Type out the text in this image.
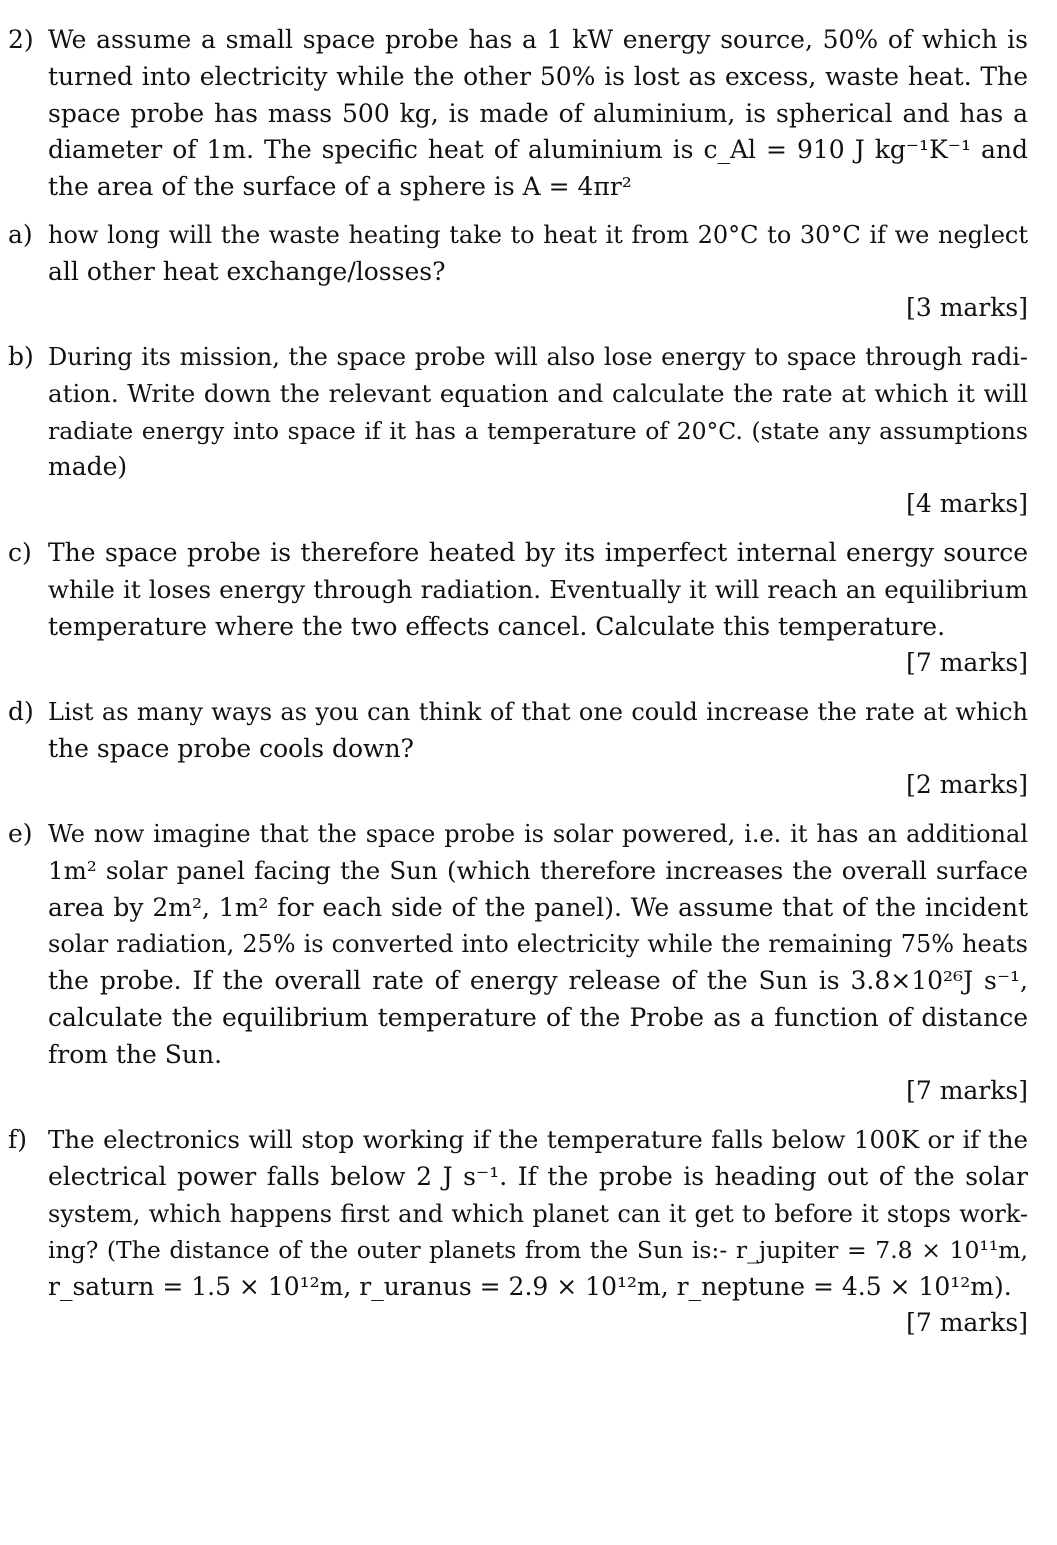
2) We assume a small space probe has a 1 kW energy source, 50% of which is
turned into electricity while the other 50% is lost as excess, waste heat. The
space probe has mass 500 kg, is made of aluminium, is spherical and has a
diameter of 1m. The specific heat of aluminium is c_Al = 910 J kg⁻¹K⁻¹ and
the area of the surface of a sphere is A = 4πr²
a) how long will the waste heating take to heat it from 20°C to 30°C if we neglect
all other heat exchange/losses?
[3 marks]
b) During its mission, the space probe will also lose energy to space through radi-
ation. Write down the relevant equation and calculate the rate at which it will
radiate energy into space if it has a temperature of 20°C. (state any assumptions
made)
[4 marks]
c) The space probe is therefore heated by its imperfect internal energy source
while it loses energy through radiation. Eventually it will reach an equilibrium
temperature where the two effects cancel. Calculate this temperature.
[7 marks]
d) List as many ways as you can think of that one could increase the rate at which
the space probe cools down?
[2 marks]
e) We now imagine that the space probe is solar powered, i.e. it has an additional
1m² solar panel facing the Sun (which therefore increases the overall surface
area by 2m², 1m² for each side of the panel). We assume that of the incident
solar radiation, 25% is converted into electricity while the remaining 75% heats
the probe. If the overall rate of energy release of the Sun is 3.8×10²⁶J s⁻¹,
calculate the equilibrium temperature of the Probe as a function of distance
from the Sun.
[7 marks]
f) The electronics will stop working if the temperature falls below 100K or if the
electrical power falls below 2 J s⁻¹. If the probe is heading out of the solar
system, which happens first and which planet can it get to before it stops work-
ing? (The distance of the outer planets from the Sun is:- r_jupiter = 7.8 × 10¹¹m,
r_saturn = 1.5 × 10¹²m, r_uranus = 2.9 × 10¹²m, r_neptune = 4.5 × 10¹²m).
[7 marks]
